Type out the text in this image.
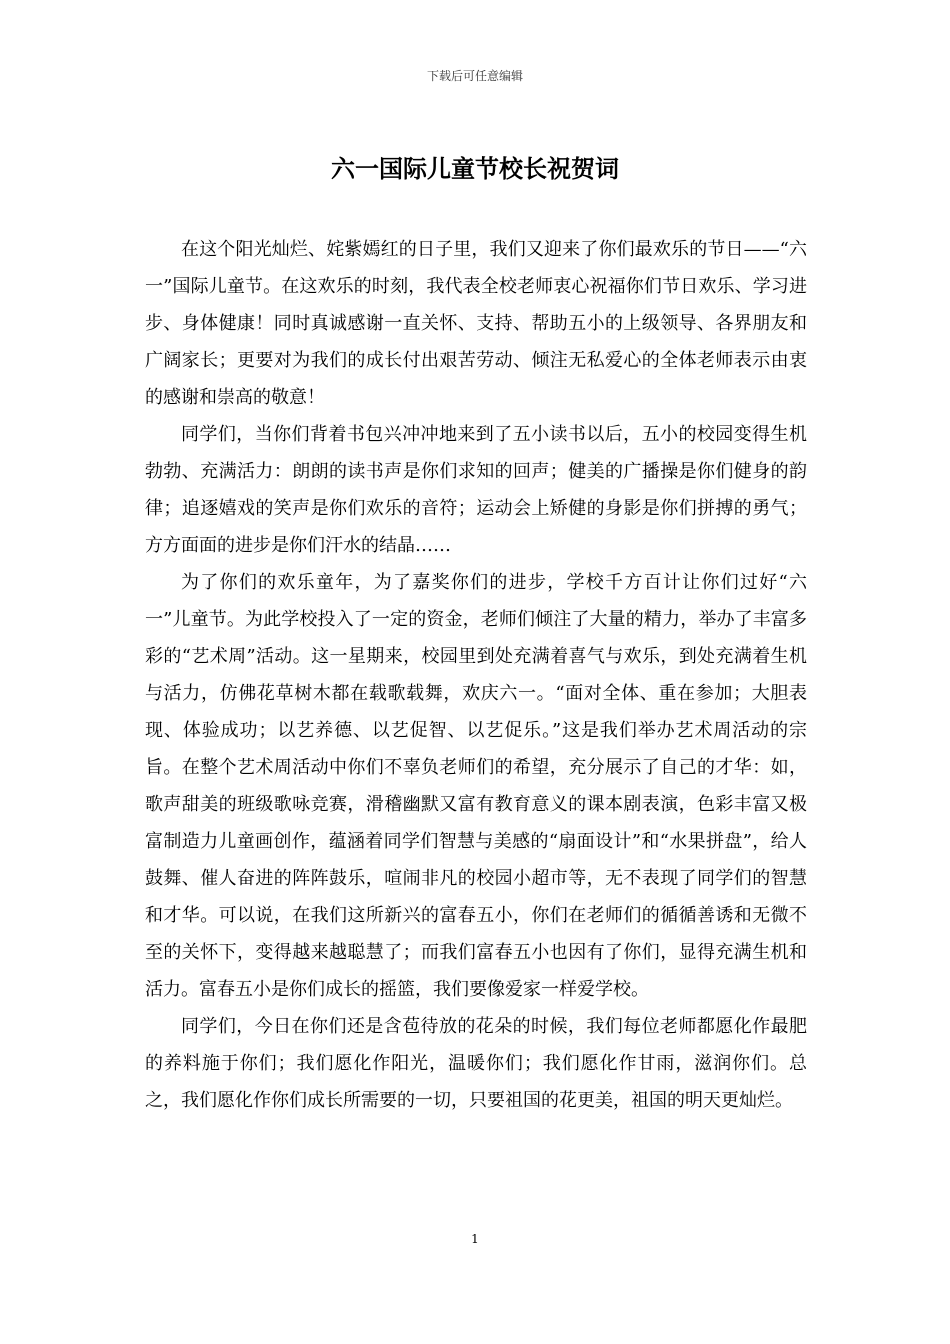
下载后可任意编辑
六一国际儿童节校长祝贺词

在这个阳光灿烂、姹紫嫣红的日子里，我们又迎来了你们最欢乐的节日——“六一”国际儿童节。在这欢乐的时刻，我代表全校老师衷心祝福你们节日欢乐、学习进步、身体健康！同时真诚感谢一直关怀、支持、帮助五小的上级领导、各界朋友和广阔家长；更要对为我们的成长付出艰苦劳动、倾注无私爱心的全体老师表示由衷的感谢和崇高的敬意！

同学们，当你们背着书包兴冲冲地来到了五小读书以后，五小的校园变得生机勃勃、充满活力：朗朗的读书声是你们求知的回声；健美的广播操是你们健身的韵律；追逐嬉戏的笑声是你们欢乐的音符；运动会上矫健的身影是你们拼搏的勇气；方方面面的进步是你们汗水的结晶……

为了你们的欢乐童年，为了嘉奖你们的进步，学校千方百计让你们过好“六一”儿童节。为此学校投入了一定的资金，老师们倾注了大量的精力，举办了丰富多彩的“艺术周”活动。这一星期来，校园里到处充满着喜气与欢乐，到处充满着生机与活力，仿佛花草树木都在载歌载舞，欢庆六一。“面对全体、重在参加；大胆表现、体验成功；以艺养德、以艺促智、以艺促乐。”这是我们举办艺术周活动的宗旨。在整个艺术周活动中你们不辜负老师们的希望，充分展示了自己的才华：如，歌声甜美的班级歌咏竞赛，滑稽幽默又富有教育意义的课本剧表演，色彩丰富又极富制造力儿童画创作，蕴涵着同学们智慧与美感的“扇面设计”和“水果拼盘”，给人鼓舞、催人奋进的阵阵鼓乐，喧闹非凡的校园小超市等，无不表现了同学们的智慧和才华。可以说，在我们这所新兴的富春五小，你们在老师们的循循善诱和无微不至的关怀下，变得越来越聪慧了；而我们富春五小也因有了你们，显得充满生机和活力。富春五小是你们成长的摇篮，我们要像爱家一样爱学校。

同学们，今日在你们还是含苞待放的花朵的时候，我们每位老师都愿化作最肥的养料施于你们；我们愿化作阳光，温暖你们；我们愿化作甘雨，滋润你们。总之，我们愿化作你们成长所需要的一切，只要祖国的花更美，祖国的明天更灿烂。

1
